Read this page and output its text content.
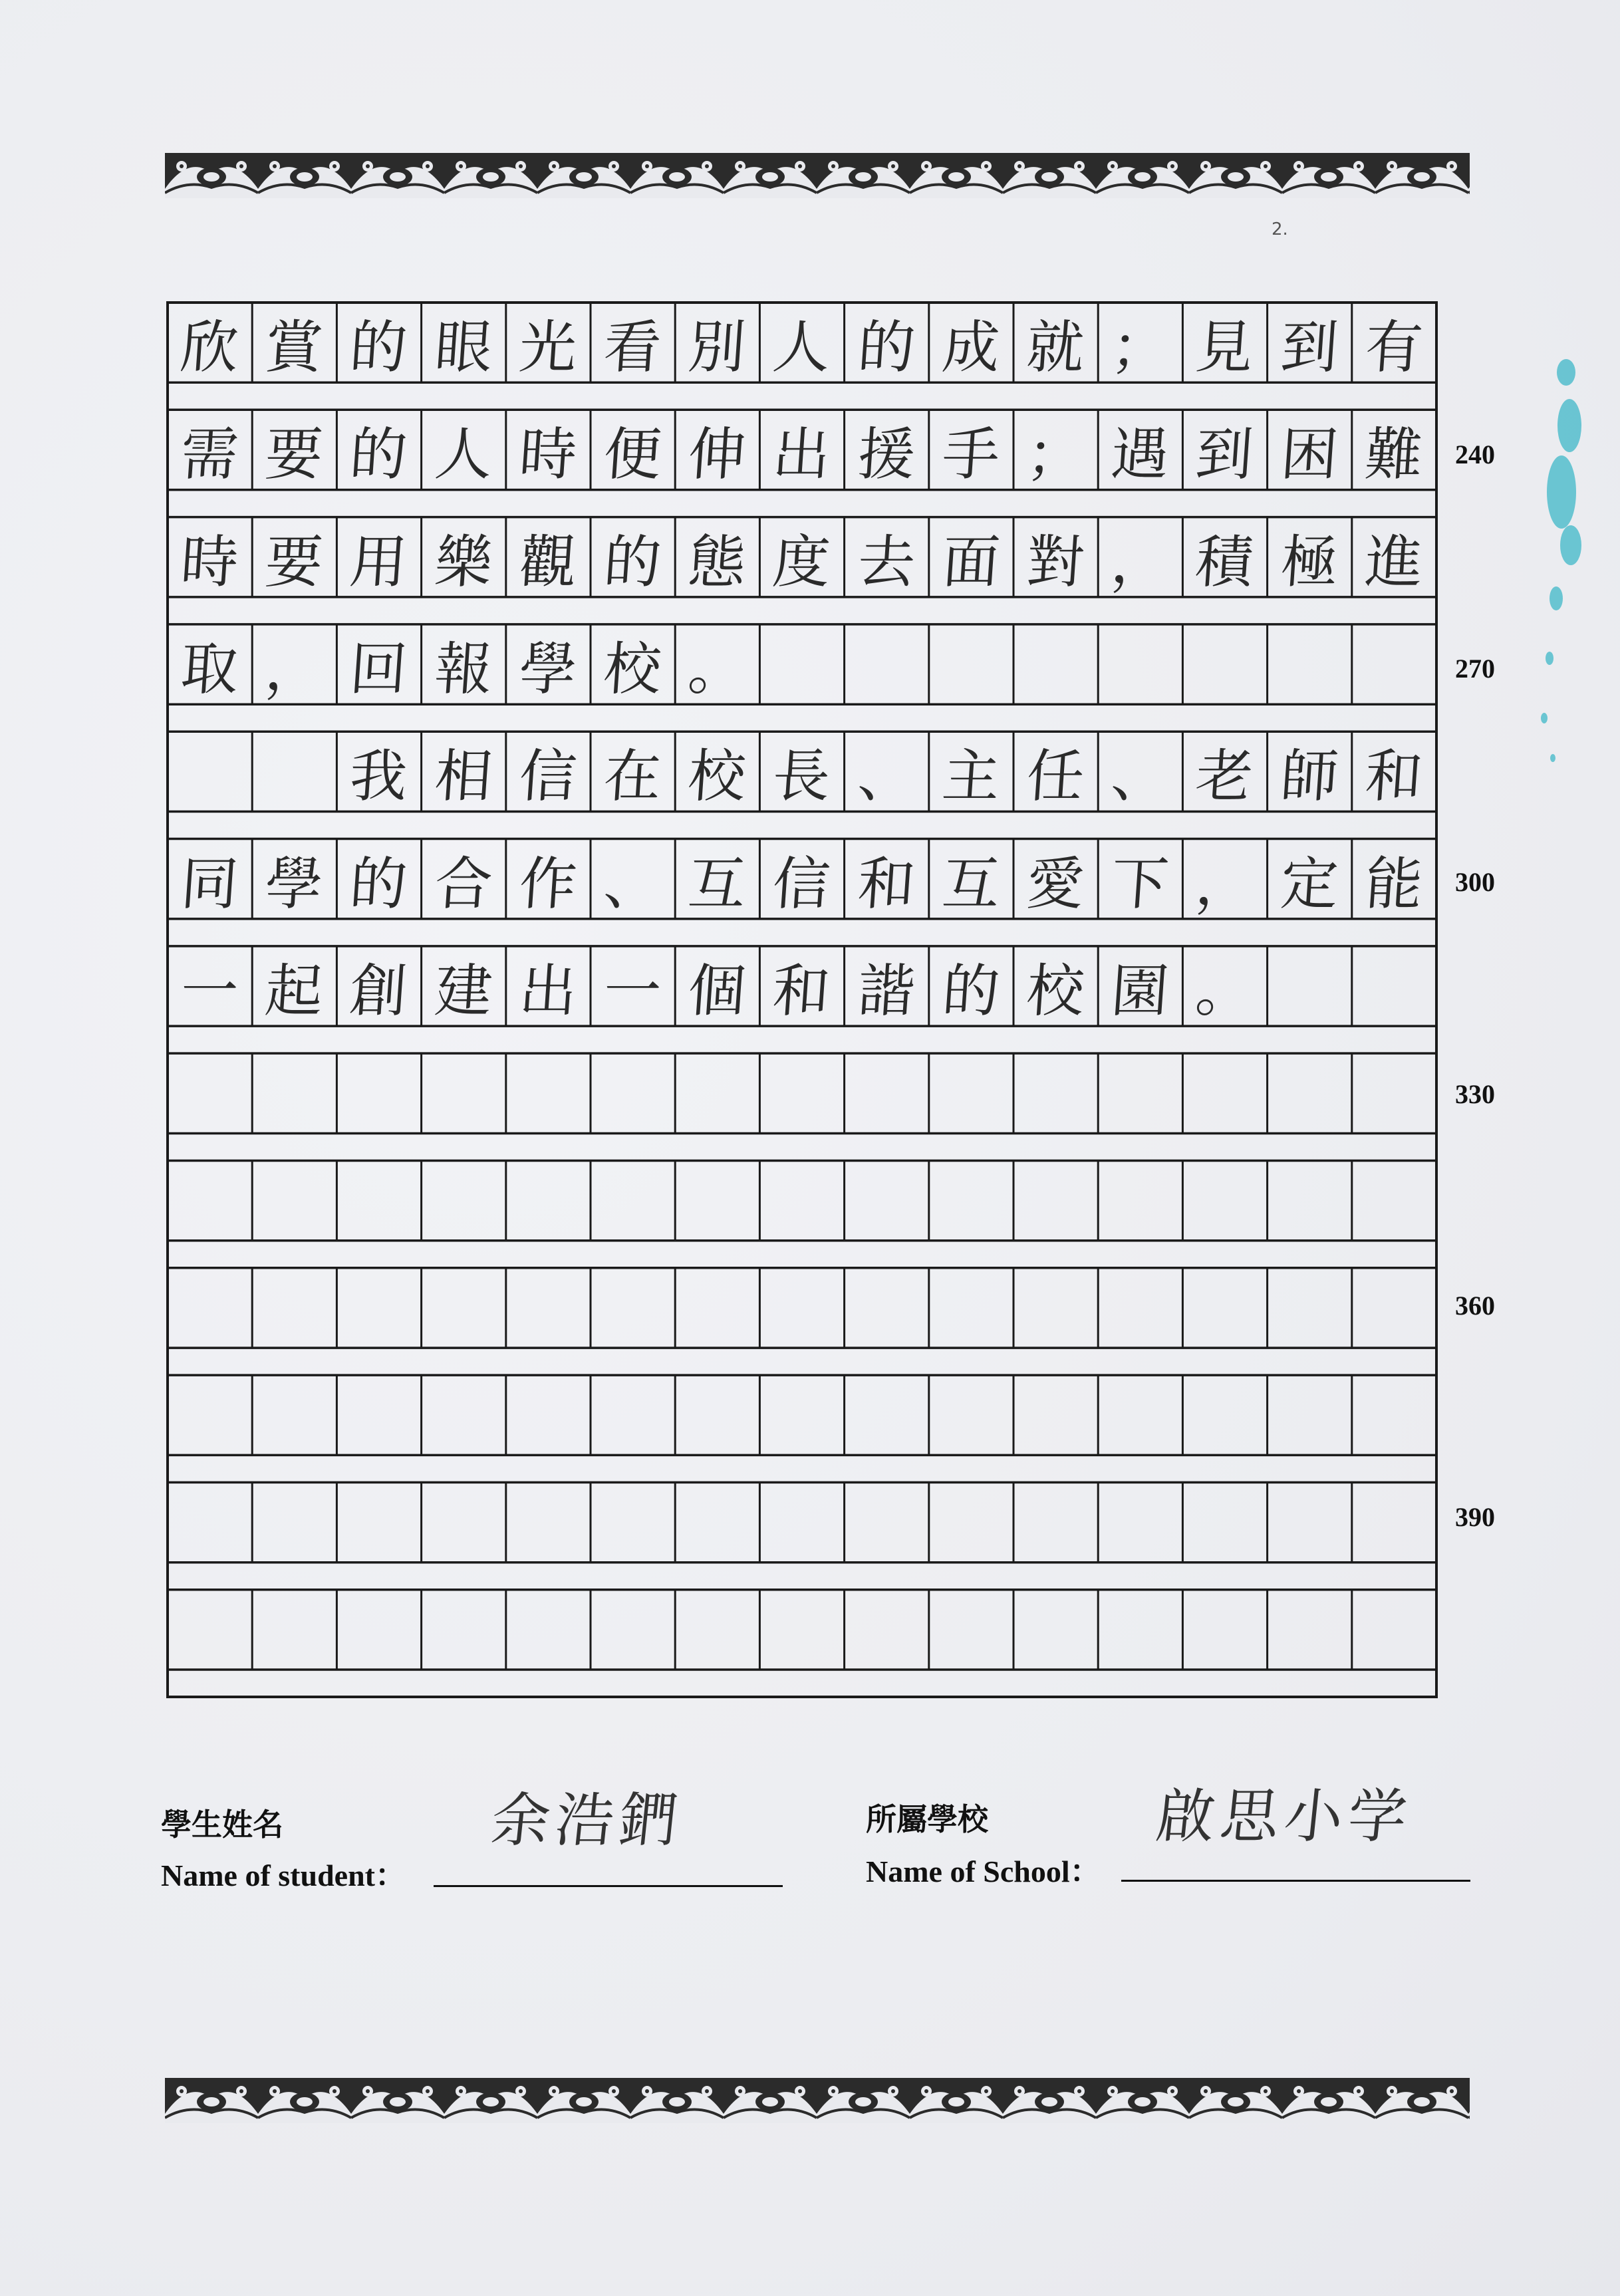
2.
欣 賞 的 眼 光 看 別 人 的 成 就 ； 見 到 有
需 要 的 人 時 便 伸 出 援 手 ； 遇 到 困 難
時 要 用 樂 觀 的 態 度 去 面 對 ， 積 極 進
取 ， 回 報 學 校 。
我 相 信 在 校 長 、 主 任 、 老 師 和
同 學 的 合 作 、 互 信 和 互 愛 下 ， 定 能
一 起 創 建 出 一 個 和 諧 的 校 園 。
240
270
300
330
360
390
學生姓名
Name of student：
余浩鍆	所屬學校
Name of School：
啟思小学
